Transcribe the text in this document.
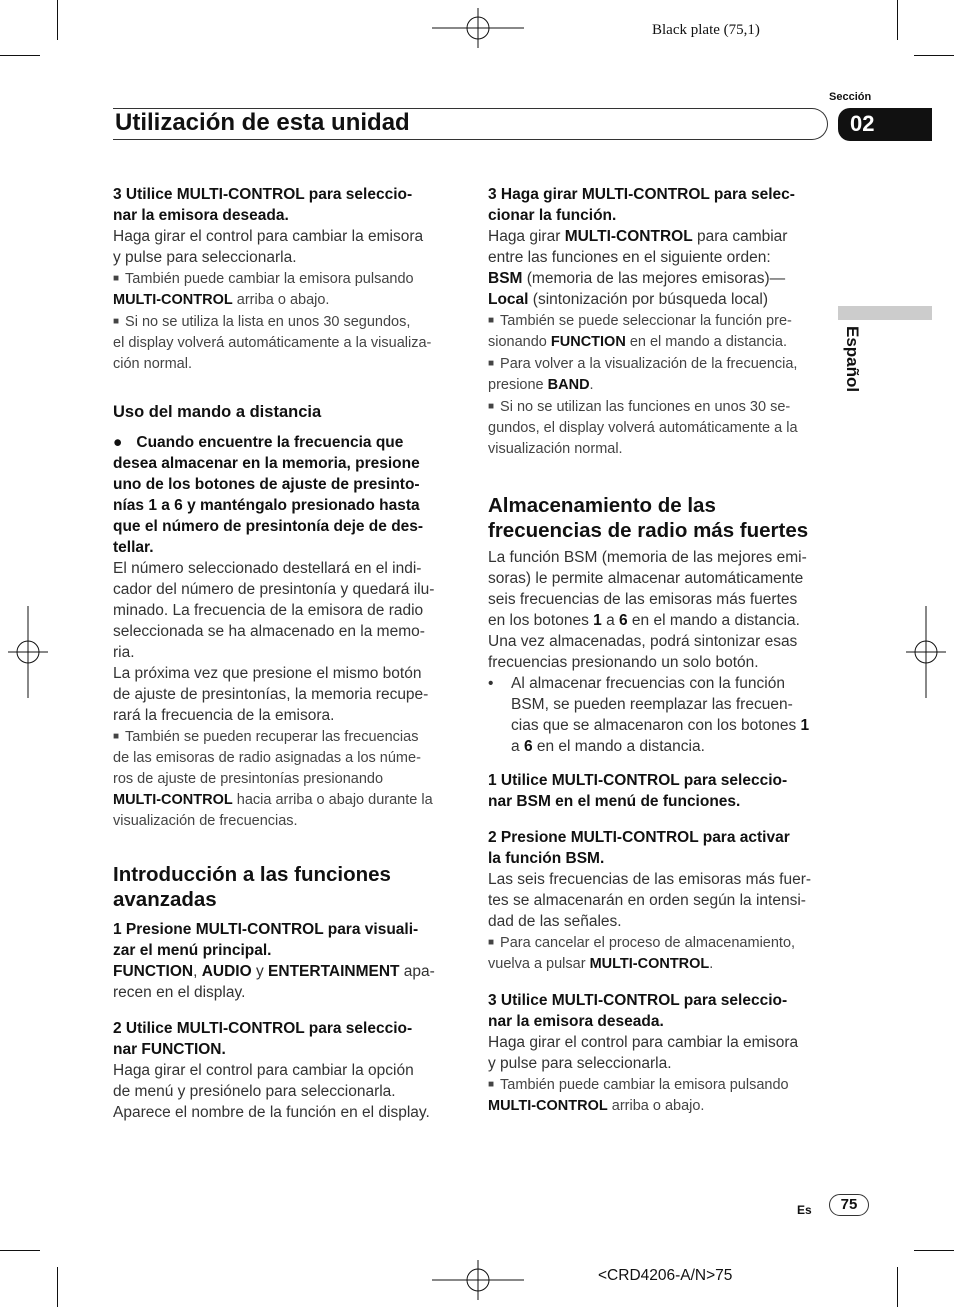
Black plate (75,1)
Sección
Utilización de esta unidad	02
Español

3 Utilice MULTI-CONTROL para seleccio-

nar la emisora deseada.

Haga girar el control para cambiar la emisora

y pulse para seleccionarla.

■ También puede cambiar la emisora pulsando

MULTI-CONTROL arriba o abajo.

■ Si no se utiliza la lista en unos 30 segundos,

el display volverá automáticamente a la visualiza-

ción normal.

Uso del mando a distancia

● Cuando encuentre la frecuencia que

desea almacenar en la memoria, presione

uno de los botones de ajuste de presinto-

nías 1 a 6 y manténgalo presionado hasta

que el número de presintonía deje de des-

tellar.

El número seleccionado destellará en el indi-

cador del número de presintonía y quedará ilu-

minado. La frecuencia de la emisora de radio

seleccionada se ha almacenado en la memo-

ria.

La próxima vez que presione el mismo botón

de ajuste de presintonías, la memoria recupe-

rará la frecuencia de la emisora.

■ También se pueden recuperar las frecuencias

de las emisoras de radio asignadas a los núme-

ros de ajuste de presintonías presionando

MULTI-CONTROL hacia arriba o abajo durante la

visualización de frecuencias.

Introducción a las funciones

avanzadas

1 Presione MULTI-CONTROL para visuali-

zar el menú principal.

FUNCTION, AUDIO y ENTERTAINMENT apa-

recen en el display.

2 Utilice MULTI-CONTROL para seleccio-

nar FUNCTION.

Haga girar el control para cambiar la opción

de menú y presiónelo para seleccionarla.

Aparece el nombre de la función en el display.

3 Haga girar MULTI-CONTROL para selec-

cionar la función.

Haga girar MULTI-CONTROL para cambiar

entre las funciones en el siguiente orden:

BSM (memoria de las mejores emisoras)—

Local (sintonización por búsqueda local)

■ También se puede seleccionar la función pre-

sionando FUNCTION en el mando a distancia.

■ Para volver a la visualización de la frecuencia,

presione BAND.

■ Si no se utilizan las funciones en unos 30 se-

gundos, el display volverá automáticamente a la

visualización normal.

Almacenamiento de las

frecuencias de radio más fuertes

La función BSM (memoria de las mejores emi-

soras) le permite almacenar automáticamente

seis frecuencias de las emisoras más fuertes

en los botones 1 a 6 en el mando a distancia.

Una vez almacenadas, podrá sintonizar esas

frecuencias presionando un solo botón.

• Al almacenar frecuencias con la función

BSM, se pueden reemplazar las frecuen-

cias que se almacenaron con los botones 1

a 6 en el mando a distancia.

1 Utilice MULTI-CONTROL para seleccio-

nar BSM en el menú de funciones.

2 Presione MULTI-CONTROL para activar

la función BSM.

Las seis frecuencias de las emisoras más fuer-

tes se almacenarán en orden según la intensi-

dad de las señales.

■ Para cancelar el proceso de almacenamiento,

vuelva a pulsar MULTI-CONTROL.

3 Utilice MULTI-CONTROL para seleccio-

nar la emisora deseada.

Haga girar el control para cambiar la emisora

y pulse para seleccionarla.

■ También puede cambiar la emisora pulsando

MULTI-CONTROL arriba o abajo.

Es	75
<CRD4206-A/N>75
